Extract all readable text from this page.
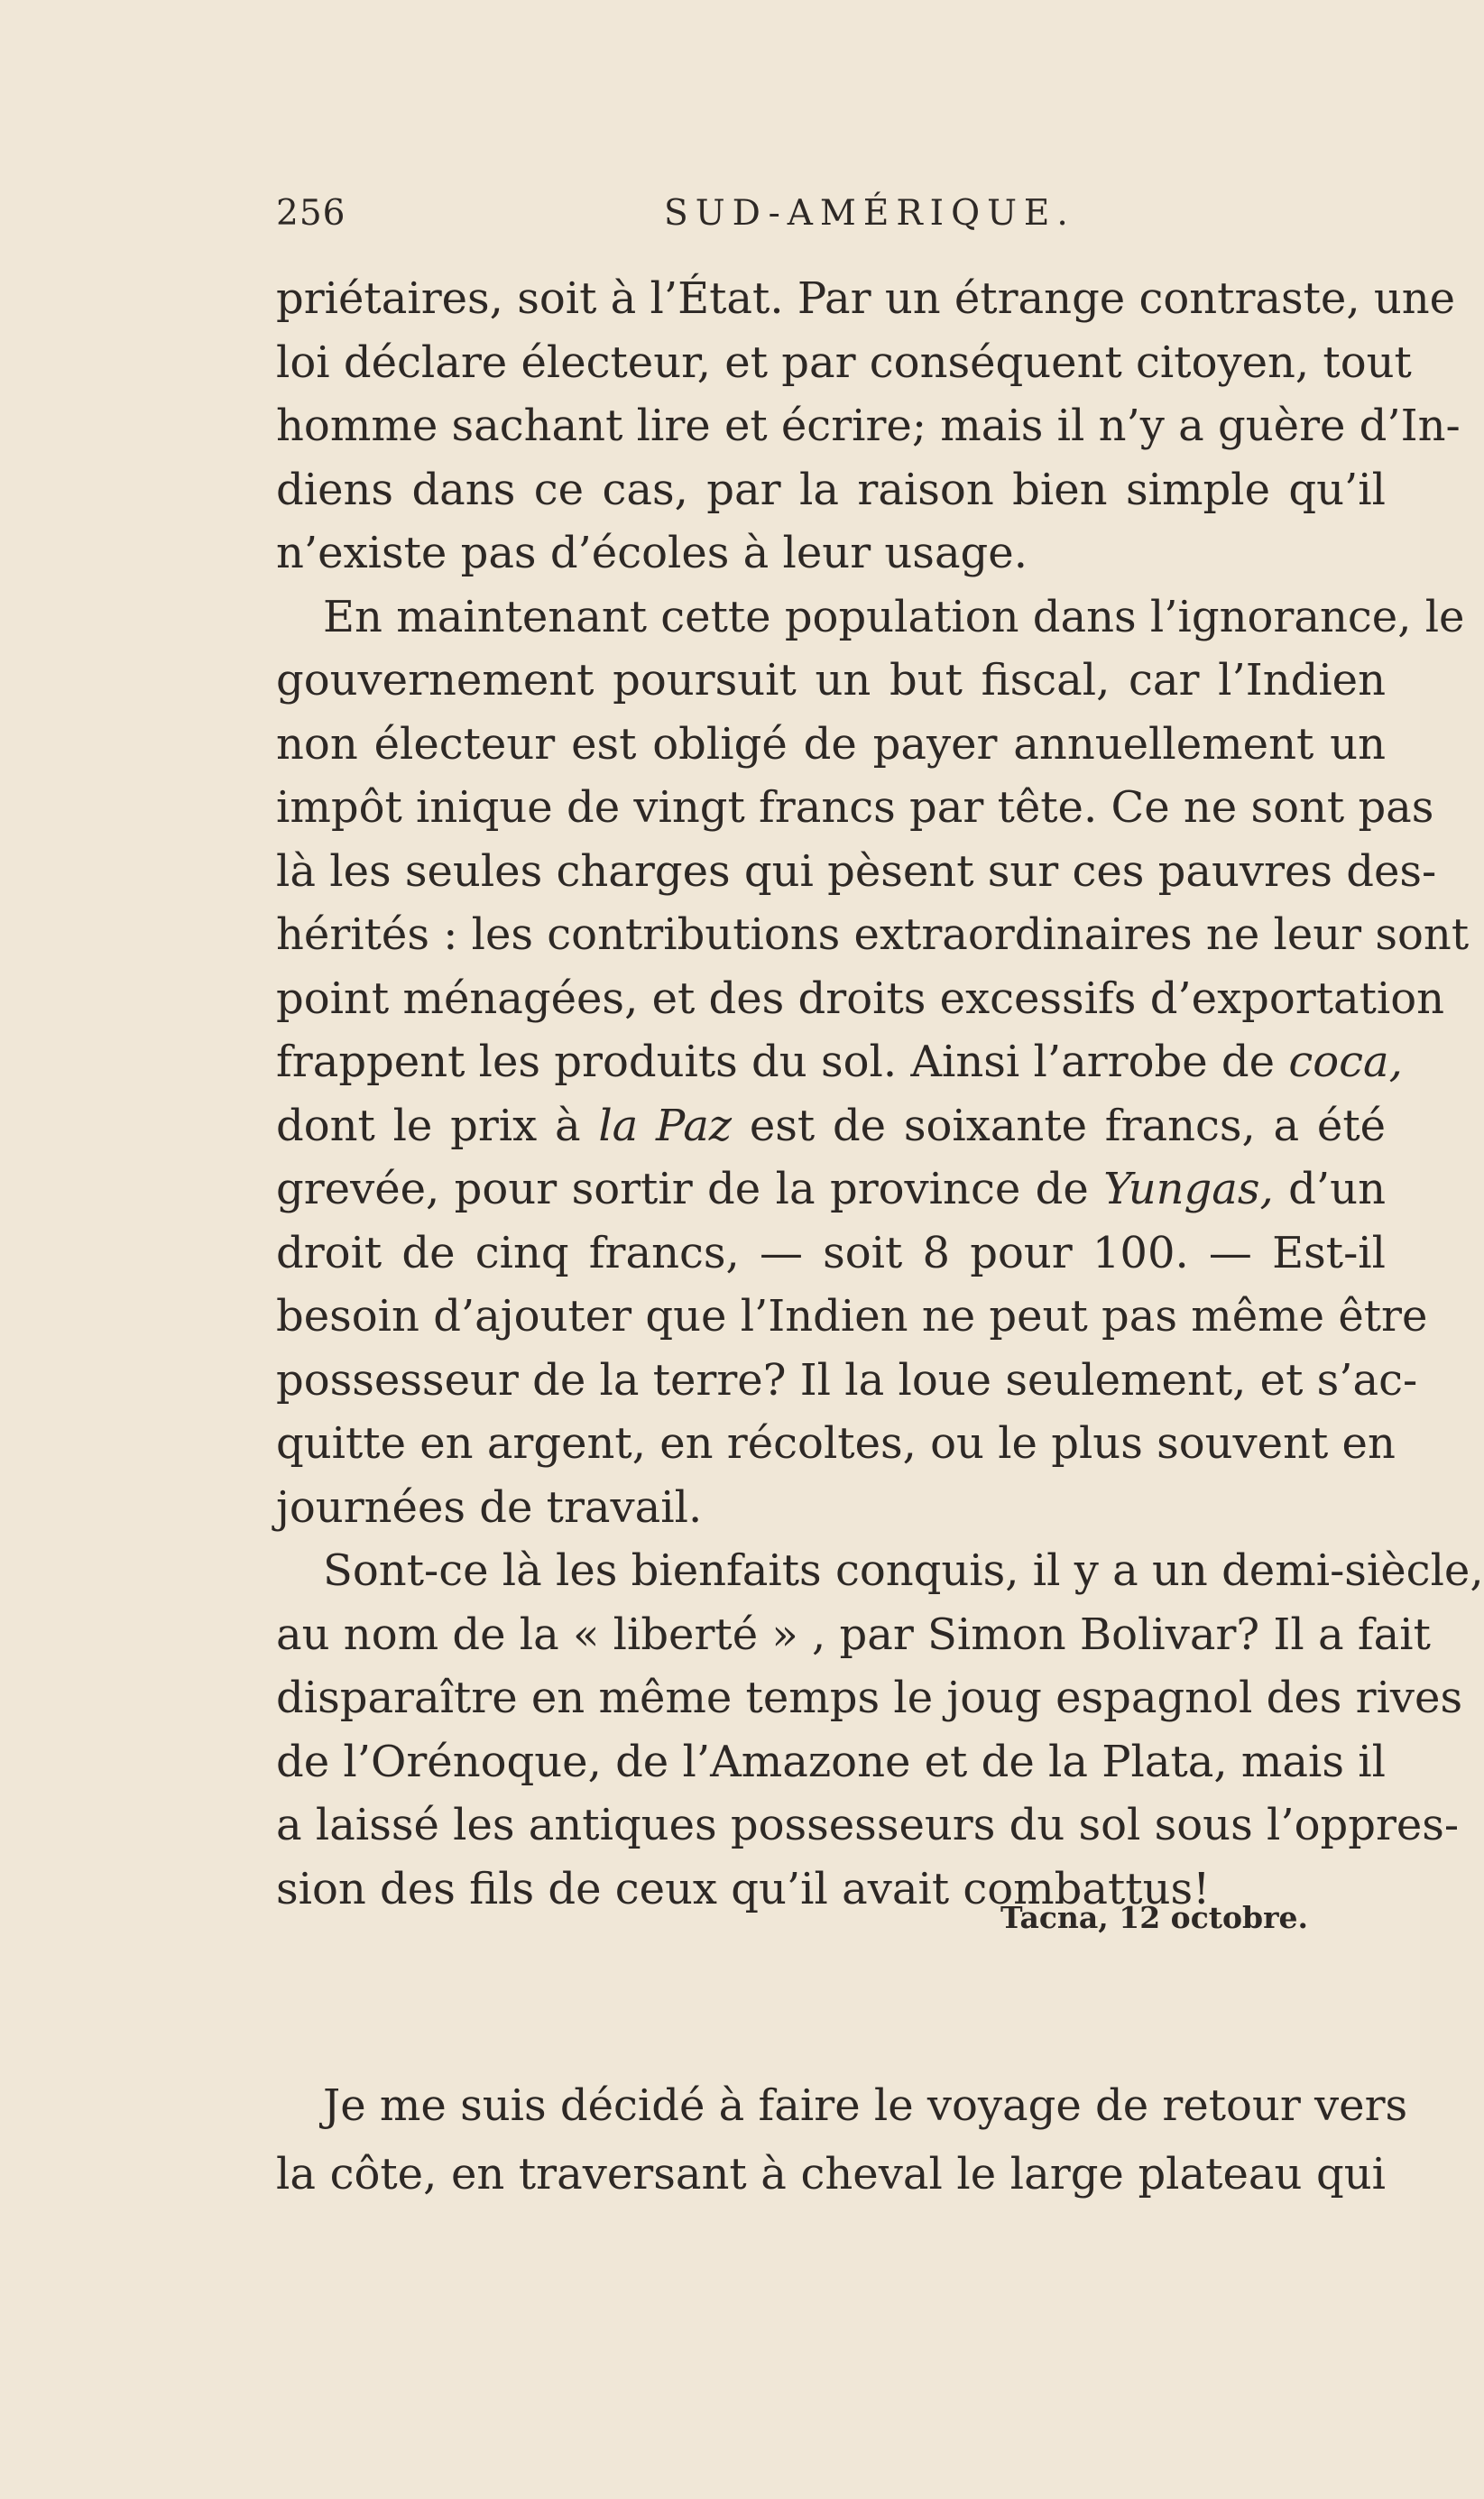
256	SUD-AMÉRIQUE.
priétaires, soit à l’État. Par un étrange contraste, une
loi déclare électeur, et par conséquent citoyen, tout
homme sachant lire et écrire; mais il n’y a guère d’In-
diens dans ce cas, par la raison bien simple qu’il
n’existe pas d’écoles à leur usage.
En maintenant cette population dans l’ignorance, le
gouvernement poursuit un but fiscal, car l’Indien
non électeur est obligé de payer annuellement un
impôt inique de vingt francs par tête. Ce ne sont pas
là les seules charges qui pèsent sur ces pauvres des-
hérités : les contributions extraordinaires ne leur sont
point ménagées, et des droits excessifs d’exportation
frappent les produits du sol. Ainsi l’arrobe de coca,
dont le prix à la Paz est de soixante francs, a été
grevée, pour sortir de la province de Yungas, d’un
droit de cinq francs, — soit 8 pour 100. — Est-il
besoin d’ajouter que l’Indien ne peut pas même être
possesseur de la terre? Il la loue seulement, et s’ac-
quitte en argent, en récoltes, ou le plus souvent en
journées de travail.
Sont-ce là les bienfaits conquis, il y a un demi-siècle,
au nom de la « liberté » , par Simon Bolivar? Il a fait
disparaître en même temps le joug espagnol des rives
de l’Orénoque, de l’Amazone et de la Plata, mais il
a laissé les antiques possesseurs du sol sous l’oppres-
sion des fils de ceux qu’il avait combattus!
Tacna, 12 octobre.
Je me suis décidé à faire le voyage de retour vers
la côte, en traversant à cheval le large plateau qui
